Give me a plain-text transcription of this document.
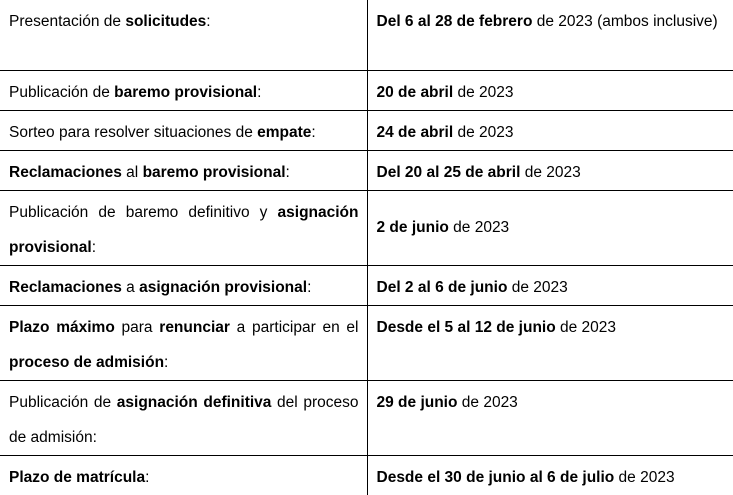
Presentación de solicitudes:	Del 6 al 28 de febrero de 2023 (ambos inclusive)
Publicación de baremo provisional:	20 de abril de 2023
Sorteo para resolver situaciones de empate:	24 de abril de 2023
Reclamaciones al baremo provisional:	Del 20 al 25 de abril de 2023
Publicación de baremo definitivo y asignación provisional:	2 de junio de 2023
Reclamaciones a asignación provisional:	Del 2 al 6 de junio de 2023
Plazo máximo para renunciar a participar en el proceso de admisión:	Desde el 5 al 12 de junio de 2023
Publicación de asignación definitiva del proceso de admisión:	29 de junio de 2023
Plazo de matrícula:	Desde el 30 de junio al 6 de julio de 2023
